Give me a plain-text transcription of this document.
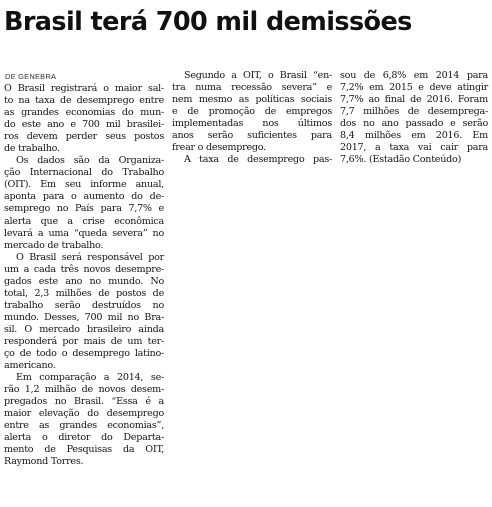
Brasil terá 700 mil demissões
DE GENEBRA

O Brasil registrará o maior sal-
to na taxa de desemprego entre
as grandes economias do mun-
do este ano e 700 mil brasilei-
ros devem perder seus postos
de trabalho.

Os dados são da Organiza-
ção Internacional do Trabalho
(OIT). Em seu informe anual,
aponta para o aumento do de-
semprego no País para 7,7% e
alerta que a crise econômica
levará a uma “queda severa” no
mercado de trabalho.

O Brasil será responsável por
um a cada três novos desempre-
gados este ano no mundo. No
total, 2,3 milhões de postos de
trabalho serão destruídos no
mundo. Desses, 700 mil no Bra-
sil. O mercado brasileiro ainda
responderá por mais de um ter-
ço de todo o desemprego latino-
americano.

Em comparação a 2014, se-
rão 1,2 milhão de novos desem-
pregados no Brasil. “Essa é a
maior elevação do desemprego
entre as grandes economias”,
alerta o diretor do Departa-
mento de Pesquisas da OIT,
Raymond Torres.

Segundo a OIT, o Brasil “en-
tra numa recessão severa” e
nem mesmo as políticas sociais
e de promoção de empregos
implementadas nos últimos
anos serão suficientes para
frear o desemprego.

A taxa de desemprego pas-

sou de 6,8% em 2014 para
7,2% em 2015 e deve atingir
7,7% ao final de 2016. Foram
7,7 milhões de desemprega-
dos no ano passado e serão
8,4 milhões em 2016. Em
2017, a taxa vai cair para
7,6%. (Estadão Conteúdo)
